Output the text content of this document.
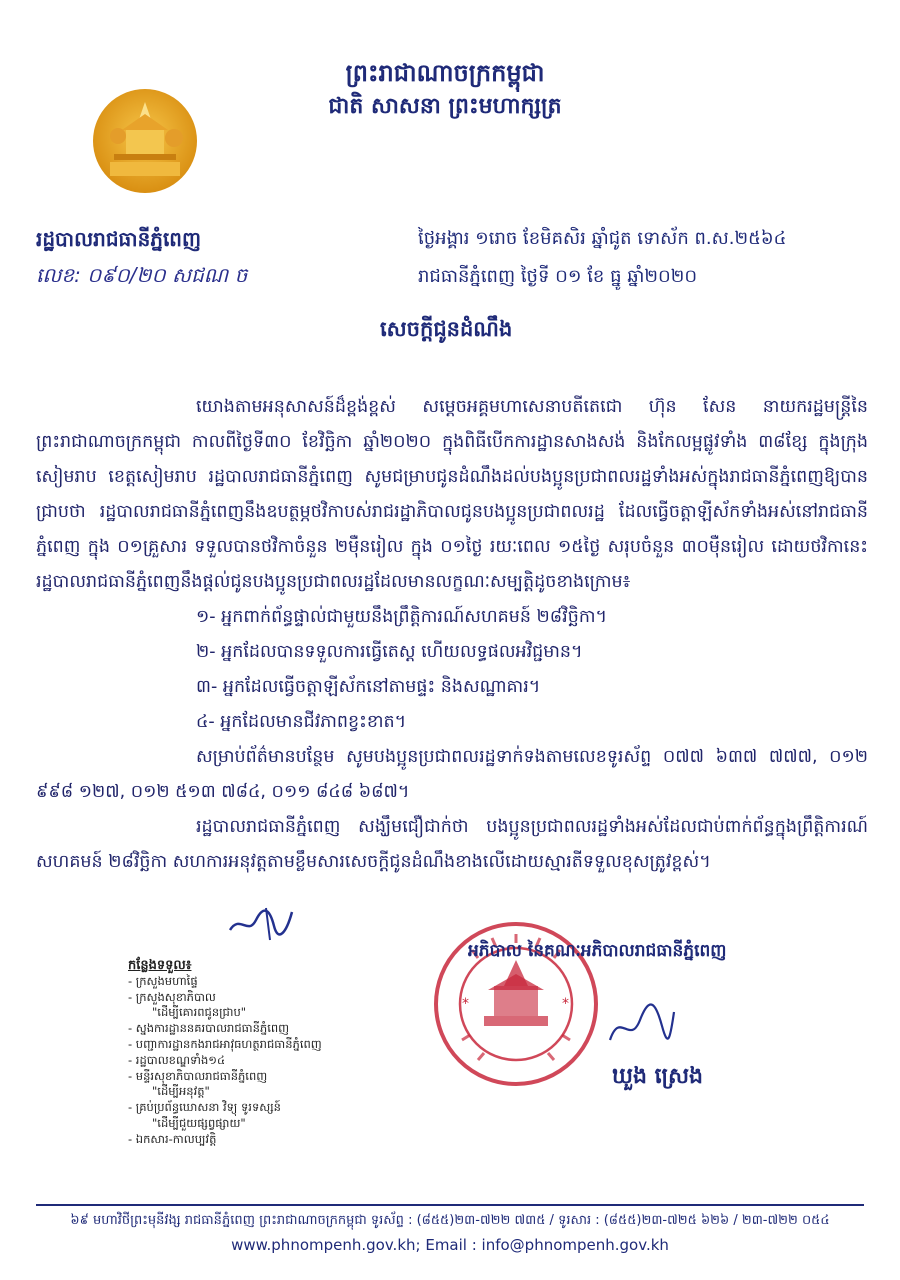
ព្រះរាជាណាចក្រកម្ពុជា
ជាតិ សាសនា ព្រះមហាក្សត្រ
រដ្ឋបាលរាជធានីភ្នំពេញ
លេខ: ០៩០/២០ សជណ ច
ថ្ងៃអង្គារ ១រោច ខែមិគសិរ ឆ្នាំជូត ទោស័ក ព.ស.២៥៦៤
រាជធានីភ្នំពេញ ថ្ងៃទី ០១ ខែ ធ្នូ ឆ្នាំ២០២០
សេចក្តីជូនដំណឹង

យោងតាមអនុសាសន៍ដ៏ខ្ពង់ខ្ពស់ សម្តេចអគ្គមហាសេនាបតីតេជោ ហ៊ុន សែន នាយករដ្ឋមន្ត្រីនៃព្រះរាជាណាចក្រកម្ពុជា កាលពីថ្ងៃទី៣០ ខែវិច្ឆិកា ឆ្នាំ២០២០ ក្នុងពិធីបើកការដ្ឋានសាងសង់ និងកែលម្អផ្លូវទាំង ៣៨ខ្សែ ក្នុងក្រុងសៀមរាប ខេត្តសៀមរាប រដ្ឋបាលរាជធានីភ្នំពេញ សូមជម្រាបជូនដំណឹងដល់បងប្អូនប្រជាពលរដ្ឋទាំងអស់ក្នុងរាជធានីភ្នំពេញឱ្យបានជ្រាបថា រដ្ឋបាលរាជធានីភ្នំពេញនឹងឧបត្ថម្ភថវិកាបស់រាជរដ្ឋាភិបាលជូនបងប្អូនប្រជាពលរដ្ឋ ដែលធ្វើចត្តាឡីស័កទាំងអស់នៅរាជធានីភ្នំពេញ ក្នុង ០១គ្រួសារ ទទួលបានថវិកាចំនួន ២ម៉ឺនរៀល ក្នុង ០១ថ្ងៃ រយៈពេល ១៥ថ្ងៃ សរុបចំនួន ៣០ម៉ឺនរៀល ដោយថវិកានេះ រដ្ឋបាលរាជធានីភ្នំពេញនឹងផ្តល់ជូនបងប្អូនប្រជាពលរដ្ឋដែលមានលក្ខណៈសម្បត្តិដូចខាងក្រោម៖

១- អ្នកពាក់ព័ន្ធផ្ទាល់ជាមួយនឹងព្រឹត្តិការណ៍សហគមន៍ ២៨វិច្ឆិកា។

២- អ្នកដែលបានទទួលការធ្វើតេស្ត ហើយលទ្ធផលអវិជ្ជមាន។

៣- អ្នកដែលធ្វើចត្តាឡីស័កនៅតាមផ្ទះ និងសណ្ឋាគារ។

៤- អ្នកដែលមានជីវភាពខ្វះខាត។

សម្រាប់ព័ត៌មានបន្ថែម សូមបងប្អូនប្រជាពលរដ្ឋទាក់ទងតាមលេខទូរស័ព្ទ ០៧៧ ៦៣៧ ៧៧៧, ០១២ ៩៩៨ ១២៧, ០១២ ៥១៣ ៧៨៤, ០១១ ៨៤៨ ៦៨៧។

រដ្ឋបាលរាជធានីភ្នំពេញ សង្ឃឹមជឿជាក់ថា បងប្អូនប្រជាពលរដ្ឋទាំងអស់ដែលជាប់ពាក់ព័ន្ធក្នុងព្រឹត្តិការណ៍សហគមន៍ ២៨វិច្ឆិកា សហការអនុវត្តតាមខ្លឹមសារសេចក្តីជូនដំណឹងខាងលើដោយស្មារតីទទួលខុសត្រូវខ្ពស់។

កន្លែងទទួល៖
- ក្រសួងមហាផ្ទៃ
- ក្រសួងសុខាភិបាល
"ដើម្បីគោរពជូនជ្រាប"
- ស្នងការដ្ឋាននគរបាលរាជធានីភ្នំពេញ
- បញ្ជាការដ្ឋានកងរាជអាវុធហត្ថរាជធានីភ្នំពេញ
- រដ្ឋបាលខណ្ឌទាំង១៤
- មន្ទីរសុខាភិបាលរាជធានីភ្នំពេញ
"ដើម្បីអនុវត្ត"
- គ្រប់ប្រព័ន្ធឃោសនា វិទ្យុ ទូរទស្សន៍
"ដើម្បីជួយផ្សព្វផ្សាយ"
- ឯកសារ-កាលប្បវត្តិ
*	*
អភិបាល នៃគណៈអភិបាលរាជធានីភ្នំពេញ
ឃួង ស្រេង
៦៩ មហាវិថីព្រះមុនីវង្ស រាជធានីភ្នំពេញ ព្រះរាជាណាចក្រកម្ពុជា ទូរស័ព្ទ : (៨៥៥)២៣-៧២២ ៧៣៥ / ទូរសារ : (៨៥៥)២៣-៧២៥ ៦២៦ / ២៣-៧២២ ០៥៤
www.phnompenh.gov.kh; Email : info@phnompenh.gov.kh
